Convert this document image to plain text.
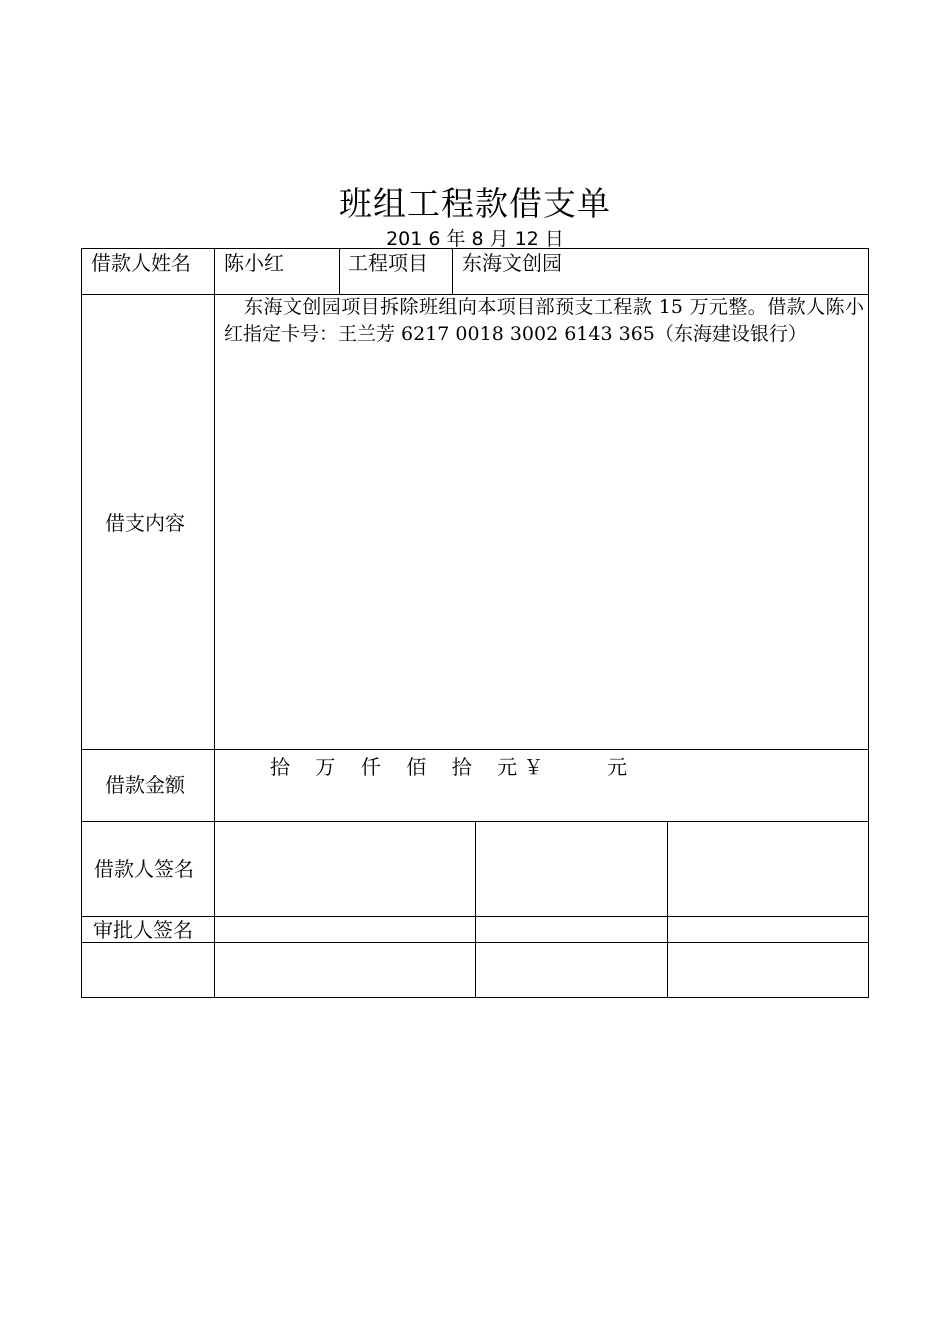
班组工程款借支单
201 6 年 8 月 12 日
借款人姓名 陈小红	工程项目 东海文创园
借支内容
东海文创园项目拆除班组向本项目部预支工程款 15 万元整。借款人陈小红指定卡号：王兰芳 6217 0018 3002 6143 365（东海建设银行）
借款金额
拾    万    仟    佰    拾    元 ￥          元
借款人签名
审批人签名
